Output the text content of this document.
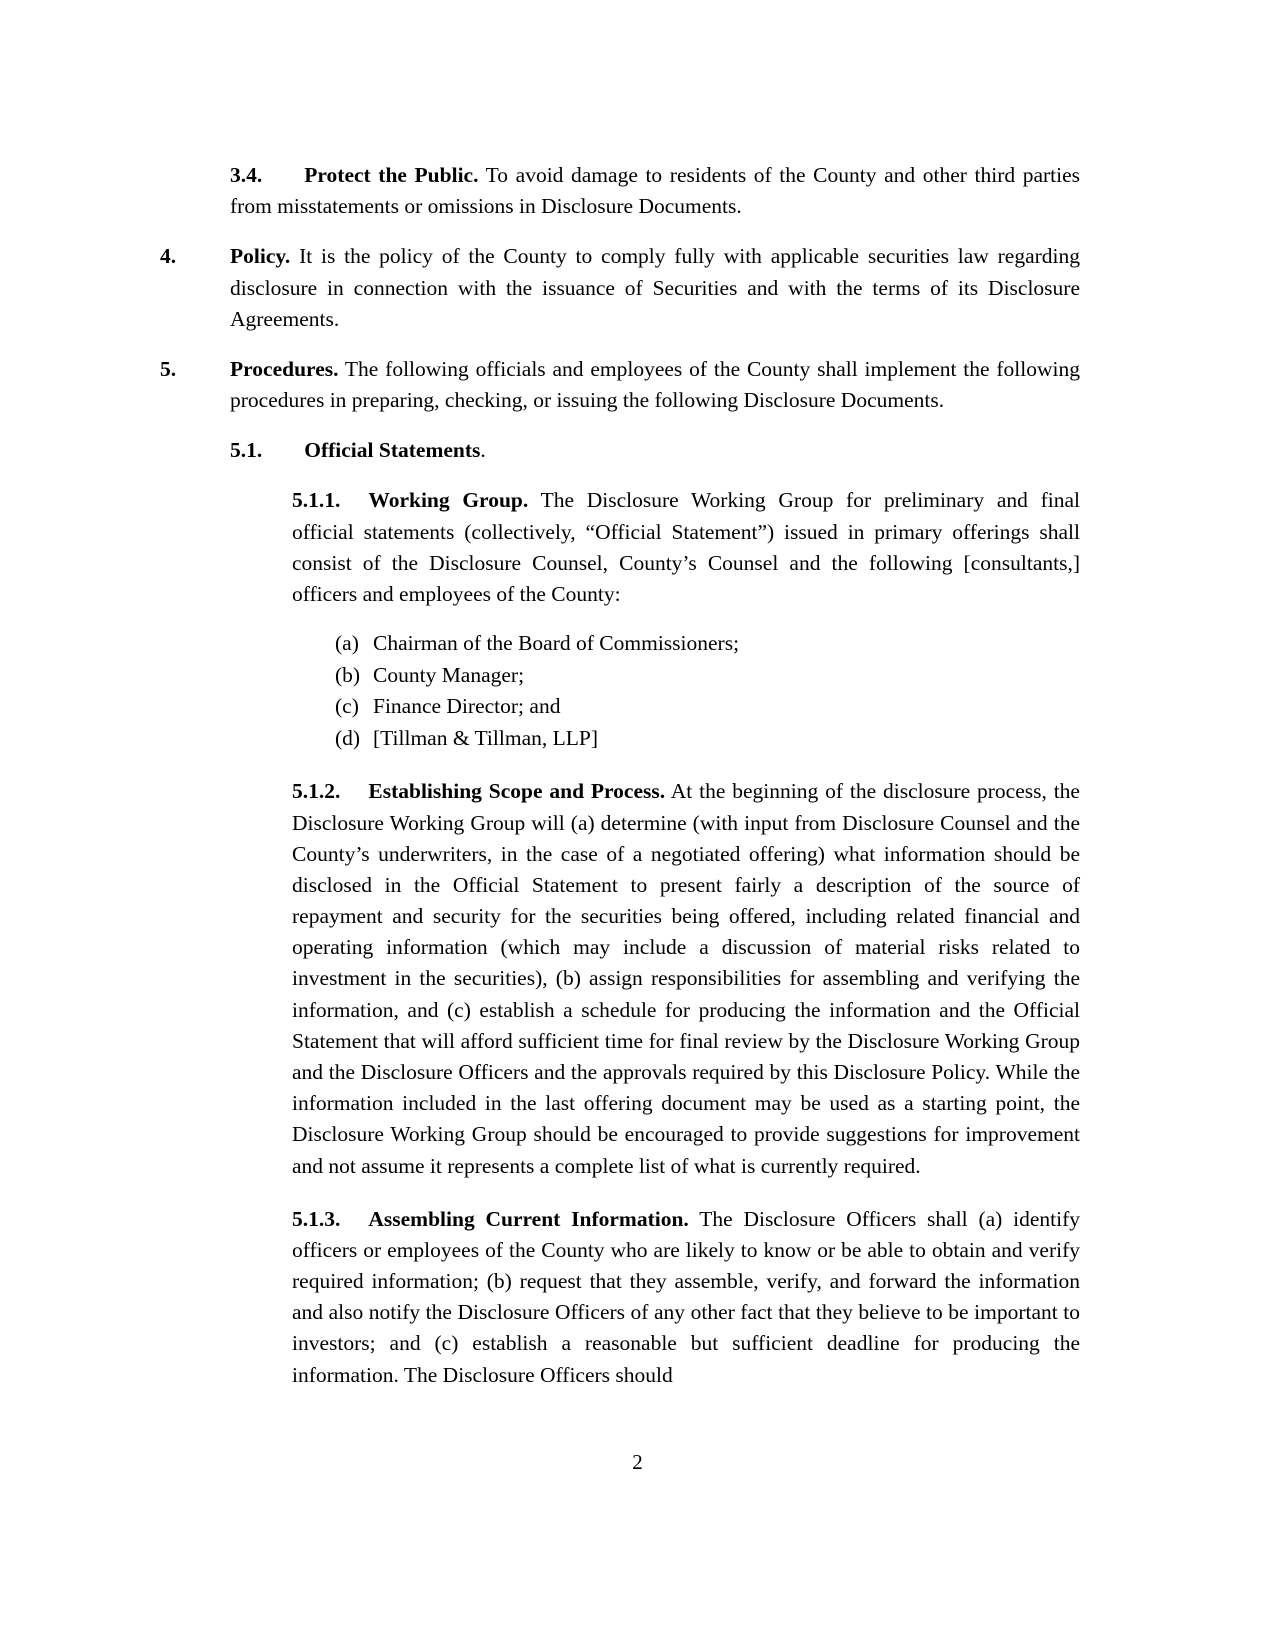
3.4. Protect the Public. To avoid damage to residents of the County and other third parties from misstatements or omissions in Disclosure Documents.
4.	Policy. It is the policy of the County to comply fully with applicable securities law regarding disclosure in connection with the issuance of Securities and with the terms of its Disclosure Agreements.
5.	Procedures. The following officials and employees of the County shall implement the following procedures in preparing, checking, or issuing the following Disclosure Documents.
5.1. Official Statements.
5.1.1. Working Group. The Disclosure Working Group for preliminary and final official statements (collectively, “Official Statement”) issued in primary offerings shall consist of the Disclosure Counsel, County’s Counsel and the following [consultants,] officers and employees of the County:
(a) Chairman of the Board of Commissioners;
(b) County Manager;
(c) Finance Director; and
(d) [Tillman & Tillman, LLP]
5.1.2. Establishing Scope and Process. At the beginning of the disclosure process, the Disclosure Working Group will (a) determine (with input from Disclosure Counsel and the County’s underwriters, in the case of a negotiated offering) what information should be disclosed in the Official Statement to present fairly a description of the source of repayment and security for the securities being offered, including related financial and operating information (which may include a discussion of material risks related to investment in the securities), (b) assign responsibilities for assembling and verifying the information, and (c) establish a schedule for producing the information and the Official Statement that will afford sufficient time for final review by the Disclosure Working Group and the Disclosure Officers and the approvals required by this Disclosure Policy. While the information included in the last offering document may be used as a starting point, the Disclosure Working Group should be encouraged to provide suggestions for improvement and not assume it represents a complete list of what is currently required.
5.1.3. Assembling Current Information. The Disclosure Officers shall (a) identify officers or employees of the County who are likely to know or be able to obtain and verify required information; (b) request that they assemble, verify, and forward the information and also notify the Disclosure Officers of any other fact that they believe to be important to investors; and (c) establish a reasonable but sufficient deadline for producing the information. The Disclosure Officers should
2
